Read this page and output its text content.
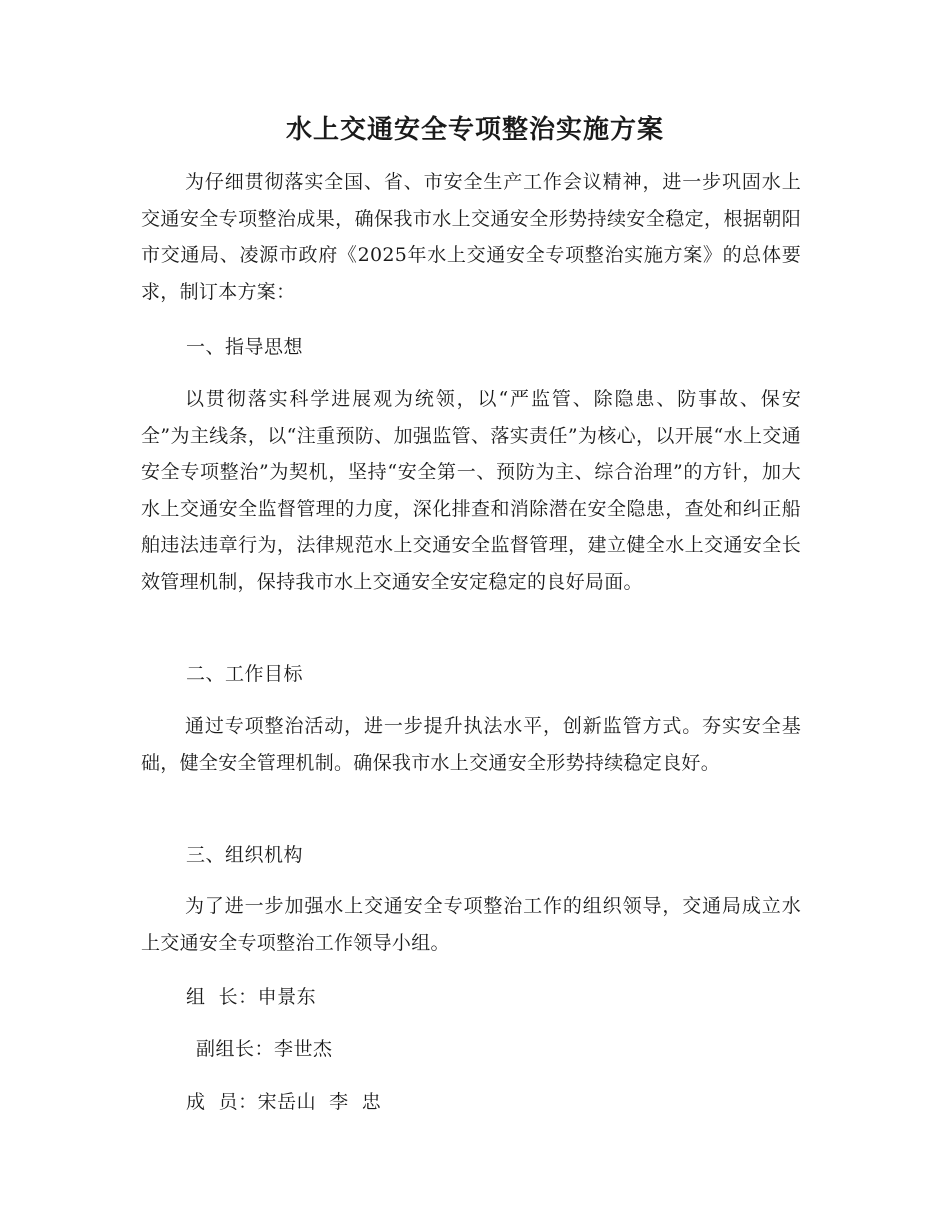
水上交通安全专项整治实施方案
为仔细贯彻落实全国、省、市安全生产工作会议精神，进一步巩固水上交通安全专项整治成果，确保我市水上交通安全形势持续安全稳定，根据朝阳市交通局、凌源市政府《2025年水上交通安全专项整治实施方案》的总体要求，制订本方案：
一、指导思想
以贯彻落实科学进展观为统领，以“严监管、除隐患、防事故、保安全”为主线条，以“注重预防、加强监管、落实责任”为核心，以开展“水上交通安全专项整治”为契机，坚持“安全第一、预防为主、综合治理”的方针，加大水上交通安全监督管理的力度，深化排查和消除潜在安全隐患，查处和纠正船舶违法违章行为，法律规范水上交通安全监督管理，建立健全水上交通安全长效管理机制，保持我市水上交通安全安定稳定的良好局面。
二、工作目标
通过专项整治活动，进一步提升执法水平，创新监管方式。夯实安全基础，健全安全管理机制。确保我市水上交通安全形势持续稳定良好。
三、组织机构
为了进一步加强水上交通安全专项整治工作的组织领导，交通局成立水上交通安全专项整治工作领导小组。
组  长：申景东
副组长：李世杰
成  员：宋岳山  李  忠
